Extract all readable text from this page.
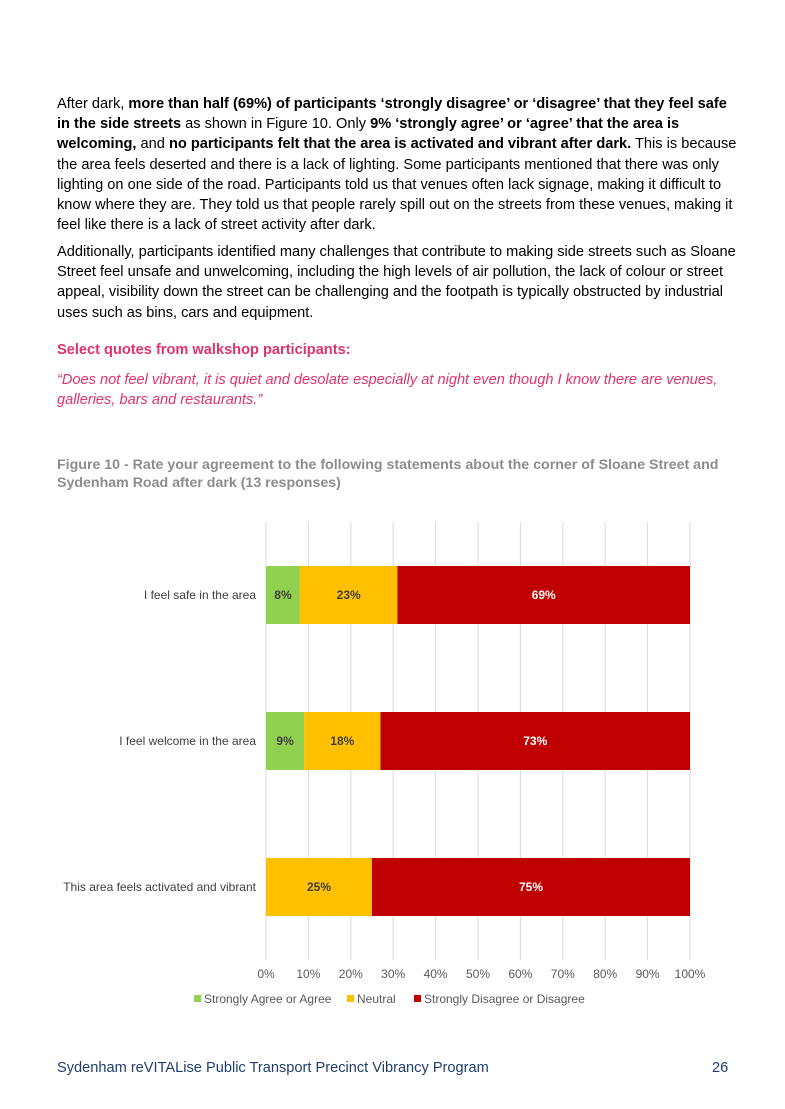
After dark, more than half (69%) of participants ‘strongly disagree’ or ‘disagree’ that they feel safe in the side streets as shown in Figure 10. Only 9% ‘strongly agree’ or ‘agree’ that the area is welcoming, and no participants felt that the area is activated and vibrant after dark. This is because the area feels deserted and there is a lack of lighting. Some participants mentioned that there was only lighting on one side of the road. Participants told us that venues often lack signage, making it difficult to know where they are. They told us that people rarely spill out on the streets from these venues, making it feel like there is a lack of street activity after dark.

Additionally, participants identified many challenges that contribute to making side streets such as Sloane Street feel unsafe and unwelcoming, including the high levels of air pollution, the lack of colour or street appeal, visibility down the street can be challenging and the footpath is typically obstructed by industrial uses such as bins, cars and equipment.

Select quotes from walkshop participants:

“Does not feel vibrant, it is quiet and desolate especially at night even though I know there are venues, galleries, bars and restaurants.”

Figure 10 - Rate your agreement to the following statements about the corner of Sloane Street and Sydenham Road after dark (13 responses)

0% 10% 20% 30% 40% 50% 60% 70% 80% 90% 100%
I feel safe in the area 8%	23%	69%
I feel welcome in the area 9%	18%	73%
This area feels activated and vibrant	25%	75%
Strongly Agree or Agree Neutral Strongly Disagree or Disagree
Sydenham reVITALise Public Transport Precinct Vibrancy Program	26
